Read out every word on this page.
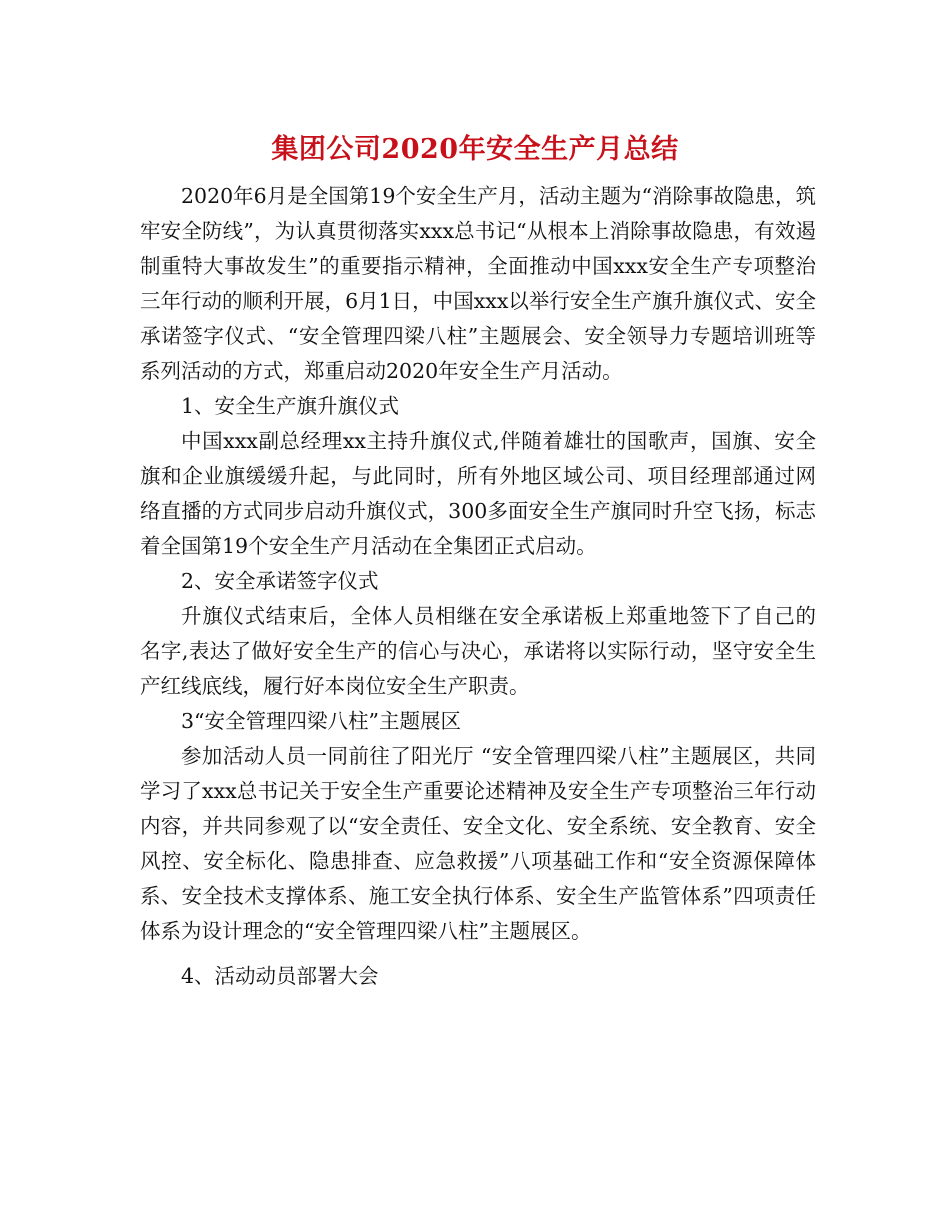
集团公司2020年安全生产月总结

2020年6月是全国第19个安全生产月，活动主题为“消除事故隐患，筑牢安全防线”，为认真贯彻落实xxx总书记“从根本上消除事故隐患，有效遏制重特大事故发生”的重要指示精神，全面推动中国xxx安全生产专项整治三年行动的顺利开展，6月1日，中国xxx以举行安全生产旗升旗仪式、安全承诺签字仪式、“安全管理四梁八柱”主题展会、安全领导力专题培训班等系列活动的方式，郑重启动2020年安全生产月活动。

1、安全生产旗升旗仪式

中国xxx副总经理xx主持升旗仪式,伴随着雄壮的国歌声，国旗、安全旗和企业旗缓缓升起，与此同时，所有外地区域公司、项目经理部通过网络直播的方式同步启动升旗仪式，300多面安全生产旗同时升空飞扬，标志着全国第19个安全生产月活动在全集团正式启动。

2、安全承诺签字仪式

升旗仪式结束后，全体人员相继在安全承诺板上郑重地签下了自己的名字,表达了做好安全生产的信心与决心，承诺将以实际行动，坚守安全生产红线底线，履行好本岗位安全生产职责。

3“安全管理四梁八柱”主题展区

参加活动人员一同前往了阳光厅 “安全管理四梁八柱”主题展区，共同学习了xxx总书记关于安全生产重要论述精神及安全生产专项整治三年行动内容，并共同参观了以“安全责任、安全文化、安全系统、安全教育、安全风控、安全标化、隐患排查、应急救援”八项基础工作和“安全资源保障体系、安全技术支撑体系、施工安全执行体系、安全生产监管体系”四项责任体系为设计理念的“安全管理四梁八柱”主题展区。

4、活动动员部署大会
